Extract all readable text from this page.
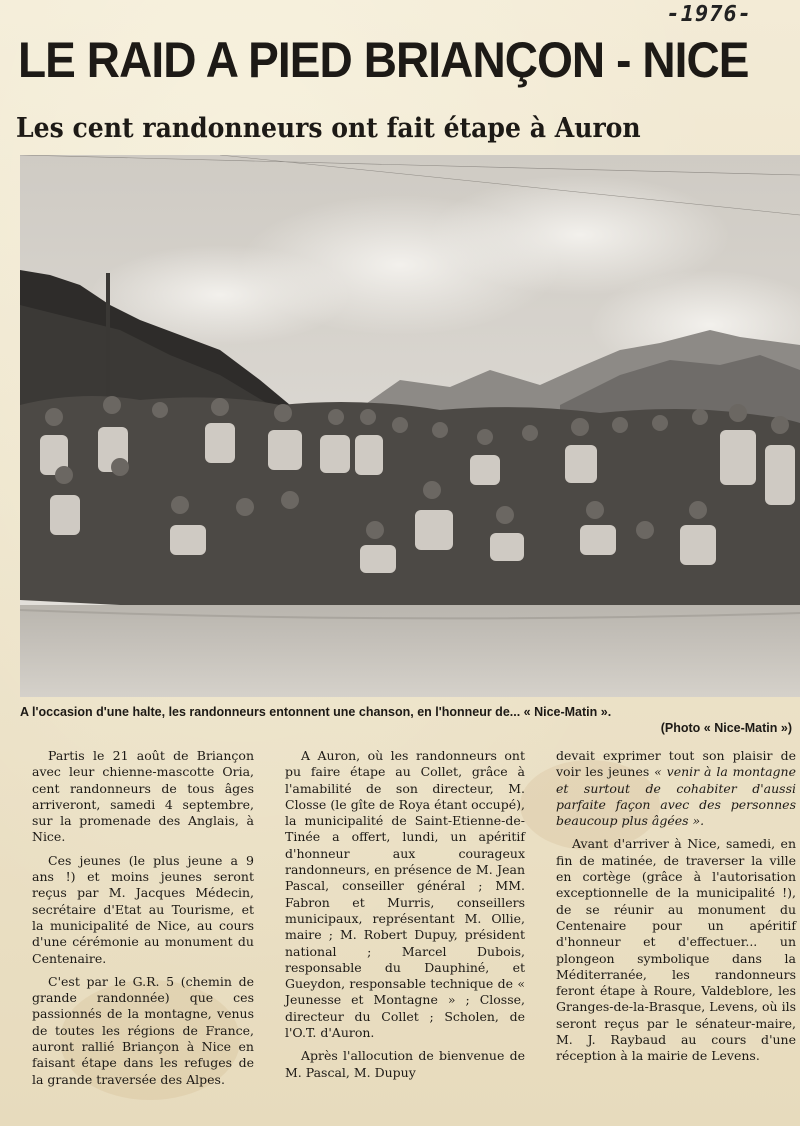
-1976-
LE RAID A PIED BRIANÇON - NICE
Les cent randonneurs ont fait étape à Auron
A l'occasion d'une halte, les randonneurs entonnent une chanson, en l'honneur de... « Nice-Matin ».
(Photo « Nice-Matin »)

Partis le 21 août de Briançon avec leur chienne-mascotte Oria, cent randonneurs de tous âges arriveront, samedi 4 septembre, sur la promenade des Anglais, à Nice.

Ces jeunes (le plus jeune a 9 ans !) et moins jeunes seront reçus par M. Jacques Médecin, secrétaire d'Etat au Tourisme, et la municipalité de Nice, au cours d'une cérémonie au monument du Centenaire.

C'est par le G.R. 5 (chemin de grande randonnée) que ces passionnés de la montagne, venus de toutes les régions de France, auront rallié Briançon à Nice en faisant étape dans les refuges de la grande traversée des Alpes.

A Auron, où les randonneurs ont pu faire étape au Collet, grâce à l'amabilité de son directeur, M. Closse (le gîte de Roya étant occupé), la municipalité de Saint-Etienne-de-Tinée a offert, lundi, un apéritif d'honneur aux courageux randonneurs, en présence de M. Jean Pascal, conseiller général ; MM. Fabron et Murris, conseillers municipaux, représentant M. Ollie, maire ; M. Robert Dupuy, président national ; Marcel Dubois, responsable du Dauphiné, et Gueydon, responsable technique de « Jeunesse et Montagne » ; Closse, directeur du Collet ; Scholen, de l'O.T. d'Auron.

Après l'allocution de bienvenue de M. Pascal, M. Dupuy

devait exprimer tout son plaisir de voir les jeunes « venir à la montagne et surtout de cohabiter d'aussi parfaite façon avec des personnes beaucoup plus âgées ».

Avant d'arriver à Nice, samedi, en fin de matinée, de traverser la ville en cortège (grâce à l'autorisation exceptionnelle de la municipalité !), de se réunir au monument du Centenaire pour un apéritif d'honneur et d'effectuer... un plongeon symbolique dans la Méditerranée, les randonneurs feront étape à Roure, Valdeblore, les Granges-de-la-Brasque, Levens, où ils seront reçus par le sénateur-maire, M. J. Raybaud au cours d'une réception à la mairie de Levens.
